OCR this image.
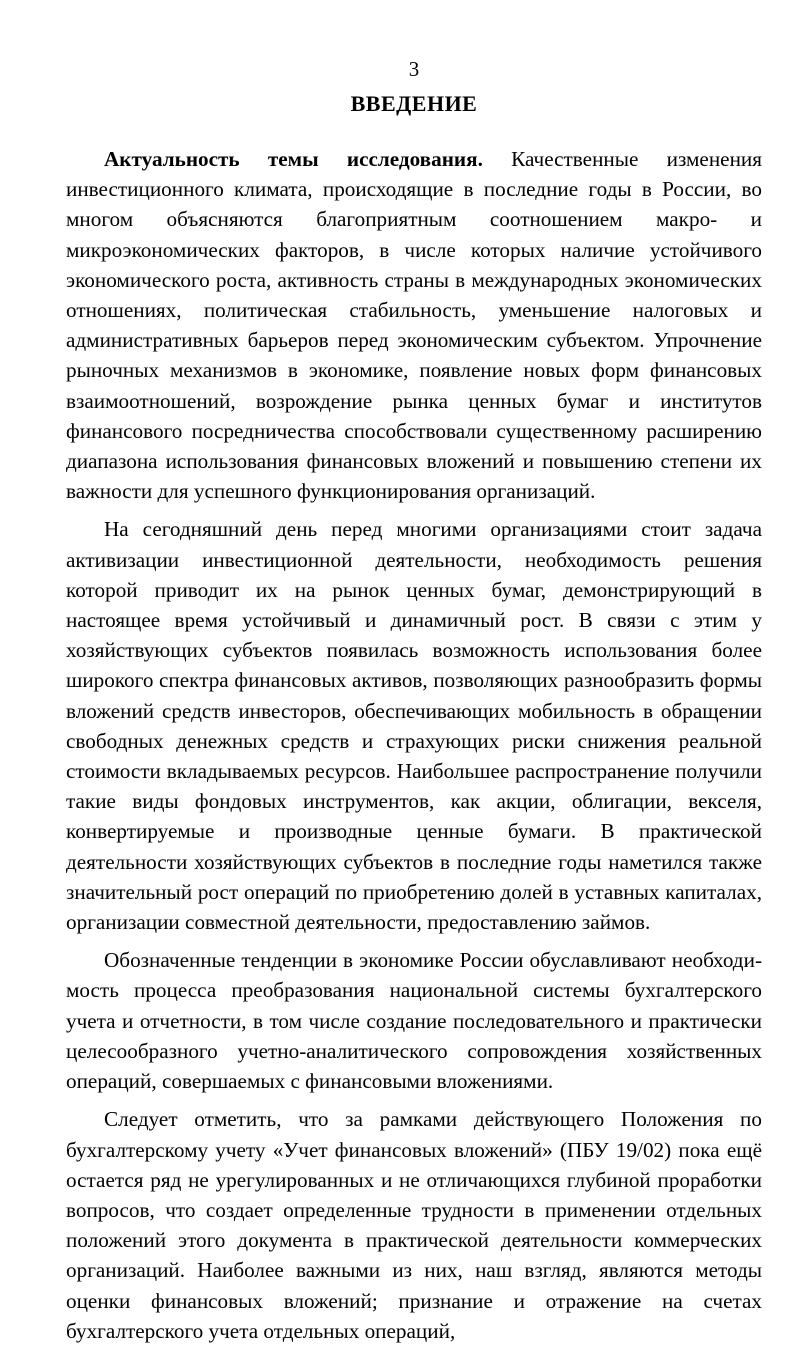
3
ВВЕДЕНИЕ

Актуальность темы исследования. Качественные изменения инвестиционного климата, происходящие в последние годы в России, во многом объясняются благоприятным соотношением макро- и микроэкономических факторов, в числе которых наличие устойчивого экономического роста, активность страны в международных экономических отношениях, политическая стабильность, уменьшение налоговых и административных барьеров перед экономическим субъектом. Упрочнение рыночных механизмов в экономике, появление новых форм финансовых взаимоотношений, возрождение рынка ценных бумаг и институтов финансового посредничества способствовали существенному расширению диапазона использования финансовых вложений и повышению степени их важности для успешного функционирования организаций.

На сегодняшний день перед многими организациями стоит задача активизации инвестиционной деятельности, необходимость решения которой приводит их на рынок ценных бумаг, демонстрирующий в настоящее время устойчивый и динамичный рост. В связи с этим у хозяйствующих субъектов появилась возможность использования более широкого спектра финансовых активов, позволяющих разнообразить формы вложений средств инвесторов, обеспечивающих мобильность в обращении свободных денежных средств и страхующих риски снижения реальной стоимости вкладываемых ресурсов. Наибольшее распространение получили такие виды фондовых инструментов, как акции, облигации, векселя, конвертируемые и производные ценные бумаги. В практической деятельности хозяйствующих субъектов в последние годы наметился также значительный рост операций по приобретению долей в уставных капиталах, организации совместной деятельности, предоставлению займов.

Обозначенные тенденции в экономике России обуславливают необходимость процесса преобразования национальной системы бухгалтерского учета и отчетности, в том числе создание последовательного и практически целесообразного учетно-аналитического сопровождения хозяйственных операций, совершаемых с финансовыми вложениями.

Следует отметить, что за рамками действующего Положения по бухгалтерскому учету «Учет финансовых вложений» (ПБУ 19/02) пока ещё остается ряд не урегулированных и не отличающихся глубиной проработки вопросов, что создает определенные трудности в применении отдельных положений этого документа в практической деятельности коммерческих организаций. Наиболее важными из них, наш взгляд, являются методы оценки финансовых вложений; признание и отражение на счетах бухгалтерского учета отдельных операций,
